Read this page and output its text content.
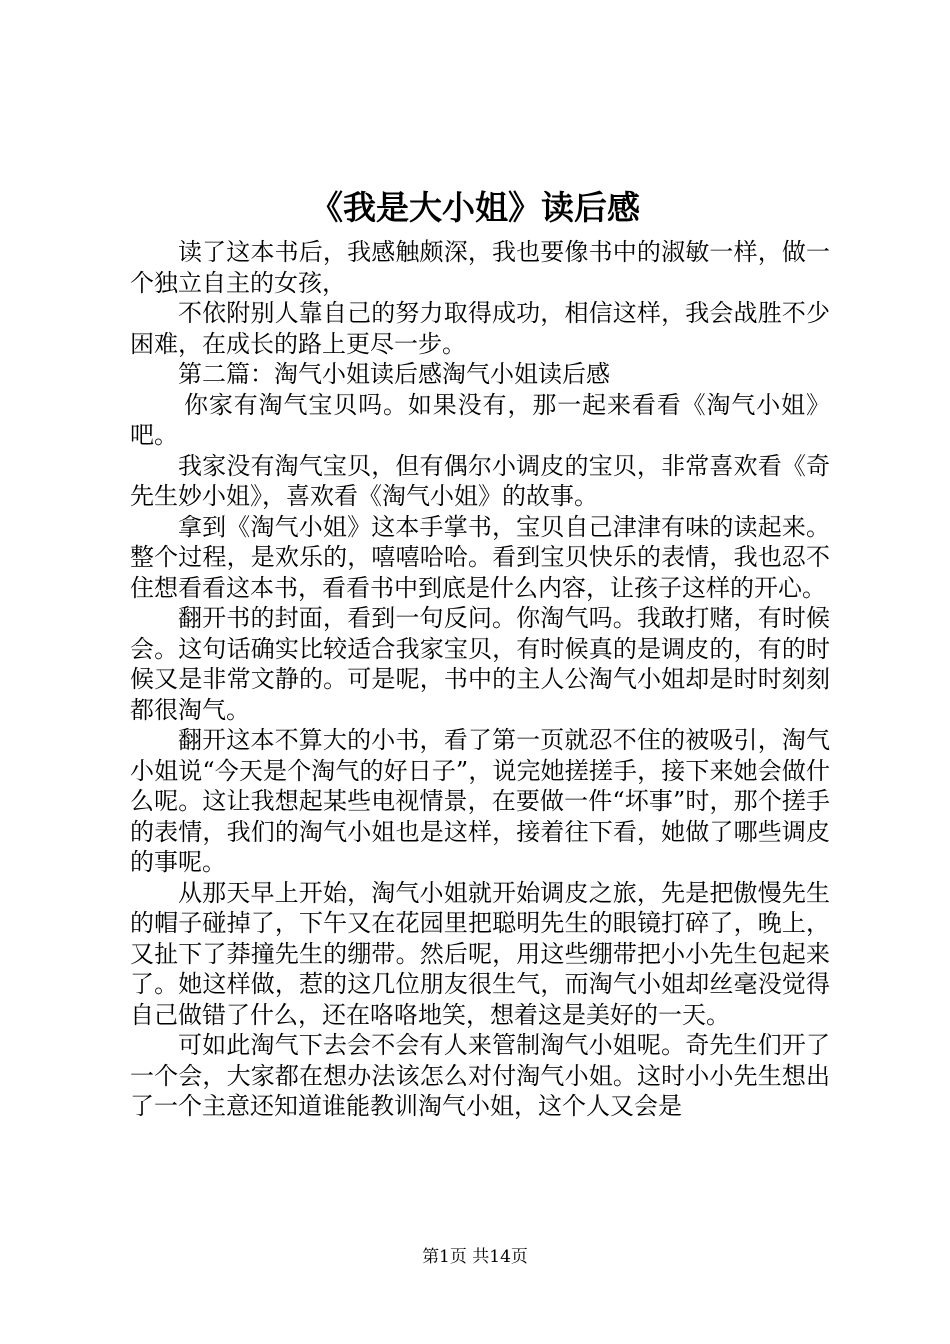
《我是大小姐》读后感

读了这本书后，我感触颇深，我也要像书中的淑敏一样，做一个独立自主的女孩，

不依附别人靠自己的努力取得成功，相信这样，我会战胜不少困难，在成长的路上更尽一步。

第二篇：淘气小姐读后感淘气小姐读后感

你家有淘气宝贝吗。如果没有，那一起来看看《淘气小姐》吧。

我家没有淘气宝贝，但有偶尔小调皮的宝贝，非常喜欢看《奇先生妙小姐》，喜欢看《淘气小姐》的故事。

拿到《淘气小姐》这本手掌书，宝贝自己津津有味的读起来。整个过程，是欢乐的，嘻嘻哈哈。看到宝贝快乐的表情，我也忍不住想看看这本书，看看书中到底是什么内容，让孩子这样的开心。

翻开书的封面，看到一句反问。你淘气吗。我敢打赌，有时候会。这句话确实比较适合我家宝贝，有时候真的是调皮的，有的时候又是非常文静的。可是呢，书中的主人公淘气小姐却是时时刻刻都很淘气。

翻开这本不算大的小书，看了第一页就忍不住的被吸引，淘气小姐说“今天是个淘气的好日子”，说完她搓搓手，接下来她会做什么呢。这让我想起某些电视情景，在要做一件“坏事”时，那个搓手的表情，我们的淘气小姐也是这样，接着往下看，她做了哪些调皮的事呢。

从那天早上开始，淘气小姐就开始调皮之旅，先是把傲慢先生的帽子碰掉了，下午又在花园里把聪明先生的眼镜打碎了，晚上，又扯下了莽撞先生的绷带。然后呢，用这些绷带把小小先生包起来了。她这样做，惹的这几位朋友很生气，而淘气小姐却丝毫没觉得自己做错了什么，还在咯咯地笑，想着这是美好的一天。

可如此淘气下去会不会有人来管制淘气小姐呢。奇先生们开了一个会，大家都在想办法该怎么对付淘气小姐。这时小小先生想出了一个主意还知道谁能教训淘气小姐，这个人又会是

第1页 共14页
